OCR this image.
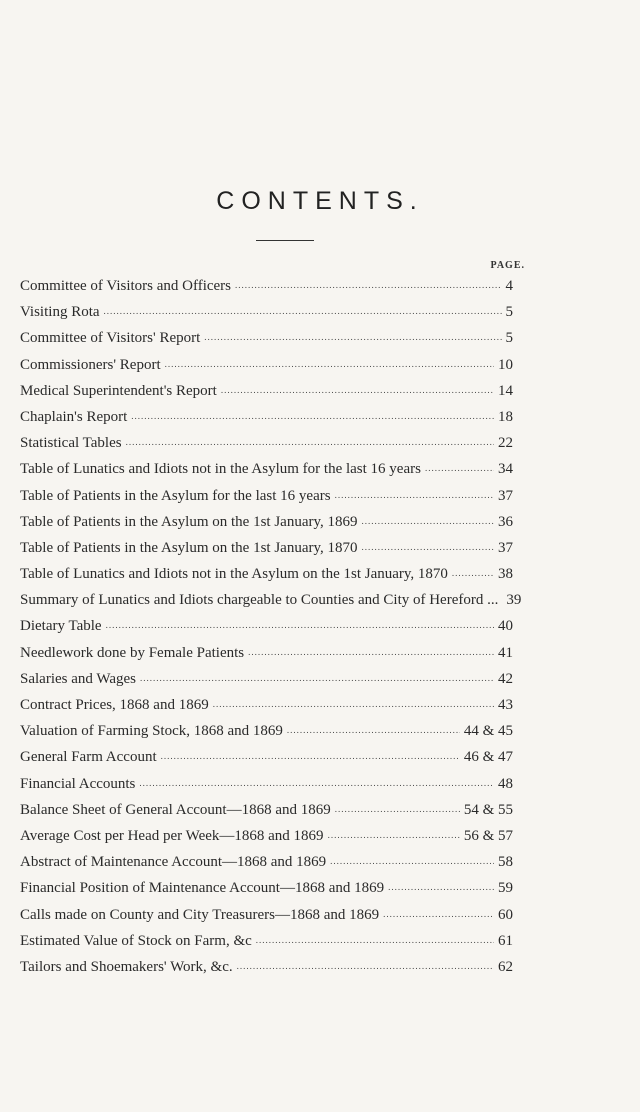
CONTENTS.
PAGE.
Committee of Visitors and Officers .....	4
Visiting Rota .....	5
Committee of Visitors' Report .....	5
Commissioners' Report .....	10
Medical Superintendent's Report .....	14
Chaplain's Report .....	18
Statistical Tables .....	22
Table of Lunatics and Idiots not in the Asylum for the last 16 years .....	34
Table of Patients in the Asylum for the last 16 years .....	37
Table of Patients in the Asylum on the 1st January, 1869 .....	36
Table of Patients in the Asylum on the 1st January, 1870 .....	37
Table of Lunatics and Idiots not in the Asylum on the 1st January, 1870 .....	38
Summary of Lunatics and Idiots chargeable to Counties and City of Hereford ... 39
Dietary Table .....	40
Needlework done by Female Patients .....	41
Salaries and Wages .....	42
Contract Prices, 1868 and 1869 .....	43
Valuation of Farming Stock, 1868 and 1869 .....	44 & 45
General Farm Account .....	46 & 47
Financial Accounts .....	48
Balance Sheet of General Account—1868 and 1869 .....	54 & 55
Average Cost per Head per Week—1868 and 1869 .....	56 & 57
Abstract of Maintenance Account—1868 and 1869 .....	58
Financial Position of Maintenance Account—1868 and 1869 .....	59
Calls made on County and City Treasurers—1868 and 1869 .....	60
Estimated Value of Stock on Farm, &c .....	61
Tailors and Shoemakers' Work, &c. .....	62
